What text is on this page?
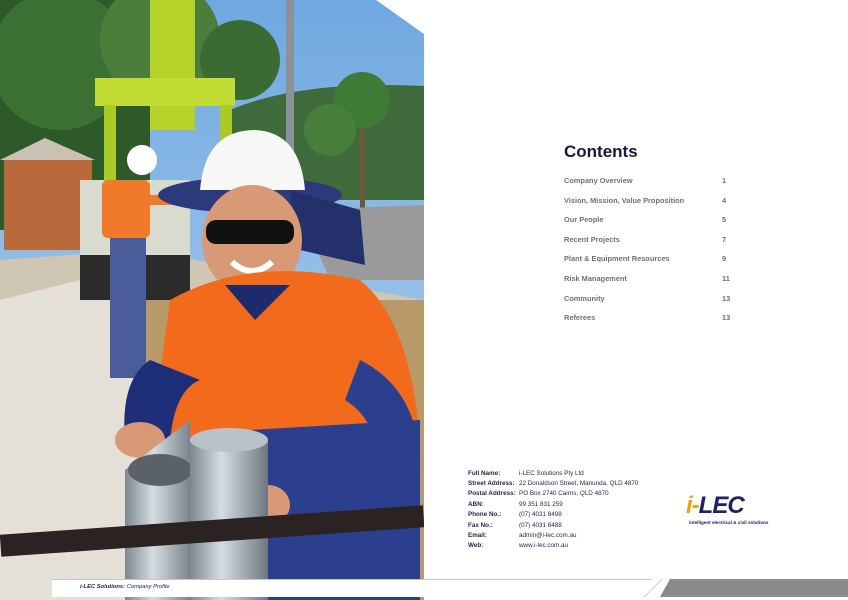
Contents
Company Overview	1
Vision, Mission, Value Proposition	4
Our People	5
Recent Projects	7
Plant & Equipment Resources	9
Risk Management	11
Community	13
Referees	13
Full Name:	i-LEC Solutions Pty Ltd
Street Address: 22 Donaldson Street, Manunda, QLD 4870
Postal Address: PO Box 2740 Cairns, QLD 4870
ABN:	99 351 831 259
Phone No.:	(07) 4031 8498
Fax No.:	(07) 4031 8488
Email:	admin@i-lec.com.au
Web:	www.i-lec.com.au
i-LEC
intelligent electrical & civil solutions
i-LEC Solutions: Company Profile
